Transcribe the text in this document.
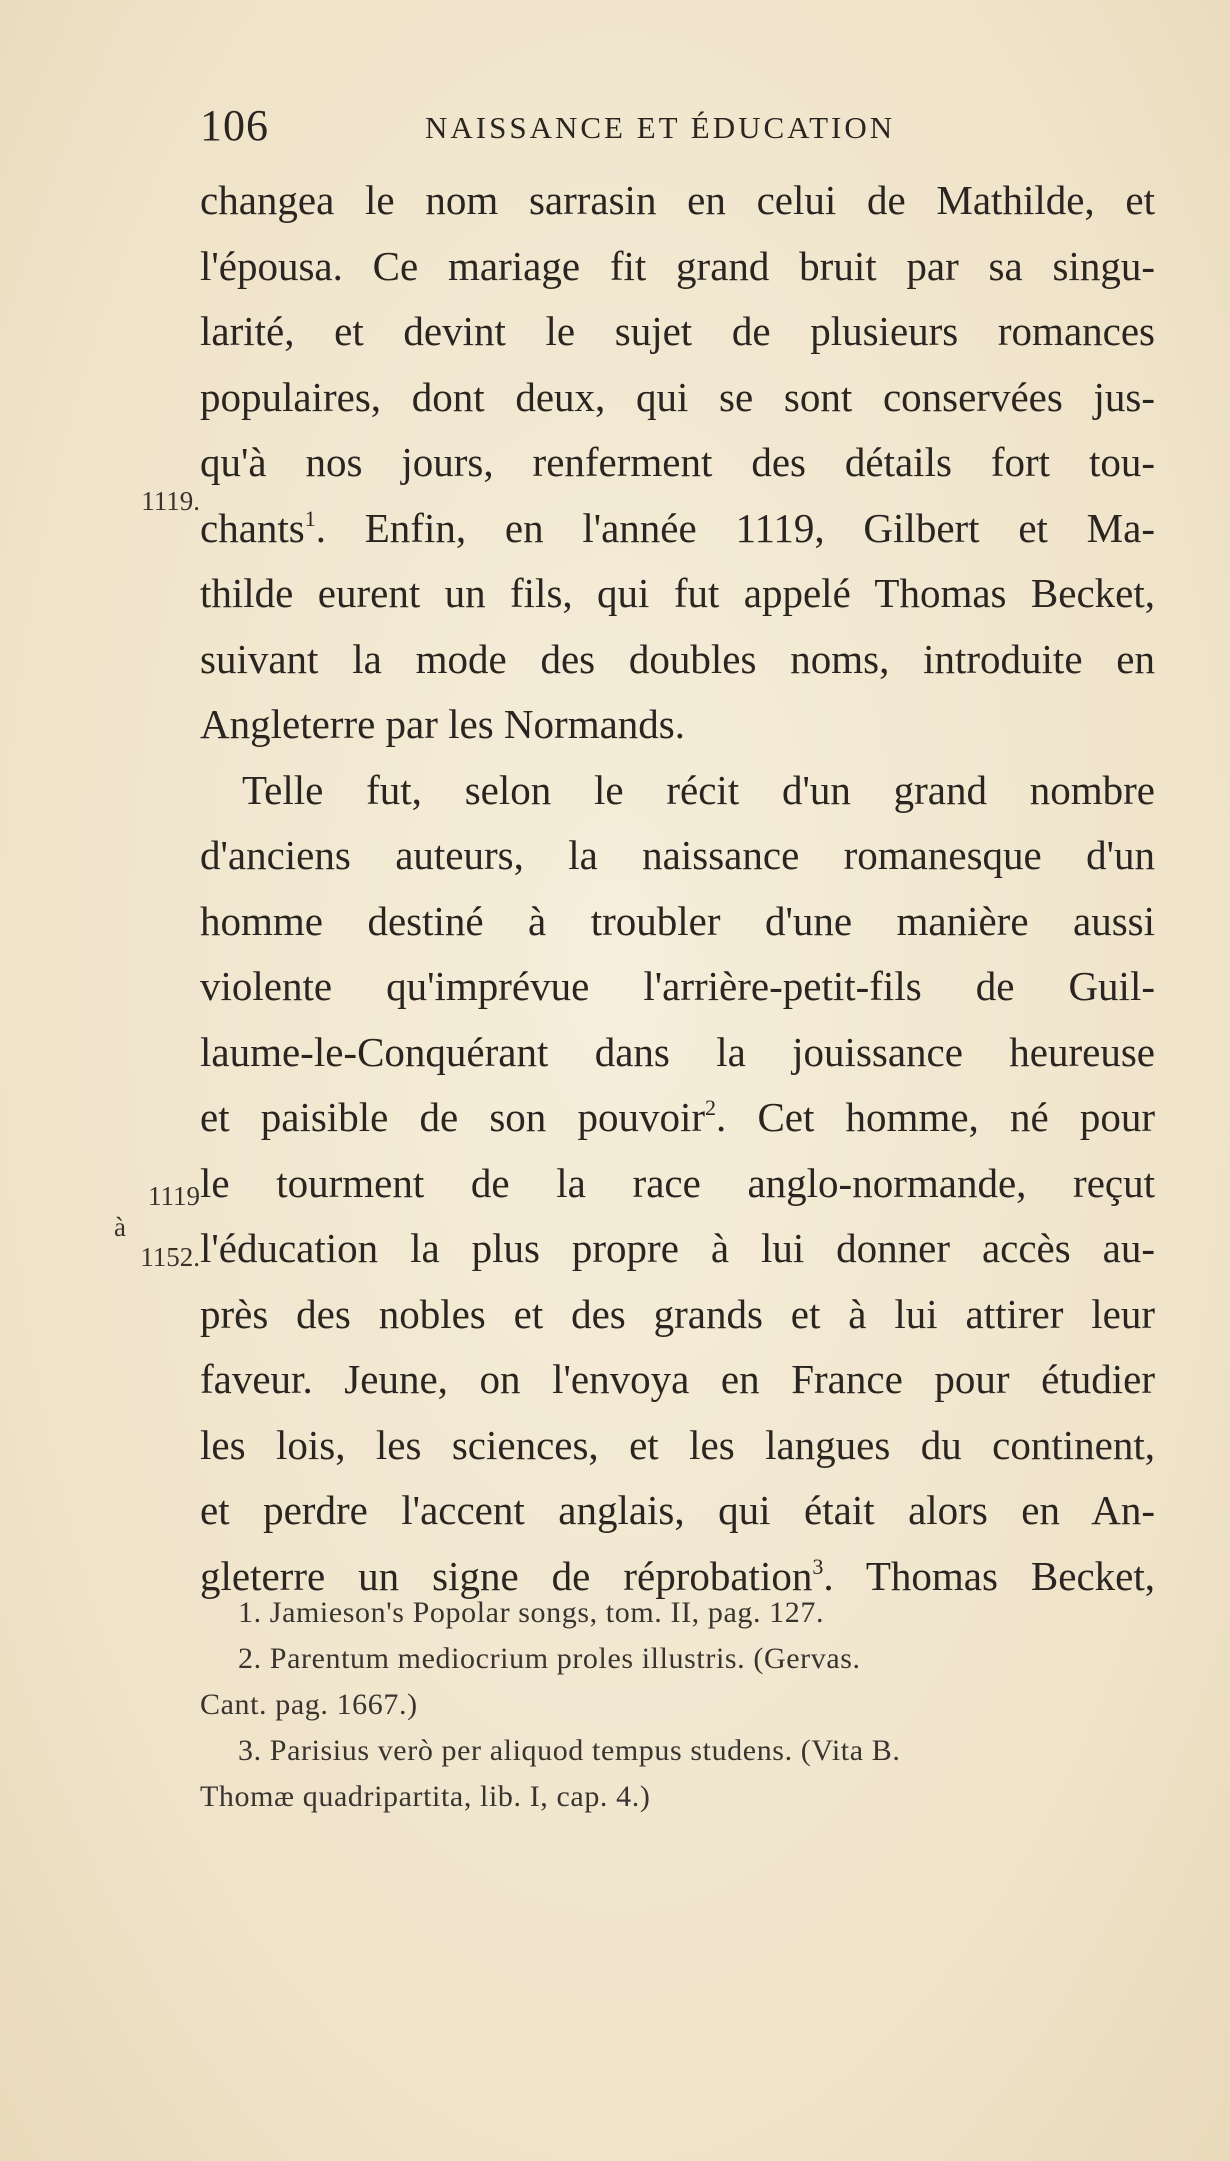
106	NAISSANCE ET ÉDUCATION
1119.
1119
à
1152.
changea le nom sarrasin en celui de Mathilde, et
l'épousa. Ce mariage fit grand bruit par sa singu-
larité, et devint le sujet de plusieurs romances
populaires, dont deux, qui se sont conservées jus-
qu'à nos jours, renferment des détails fort tou-
chants$^1$. Enfin, en l'année 1119, Gilbert et Ma-
thilde eurent un fils, qui fut appelé Thomas Becket,
suivant la mode des doubles noms, introduite en
Angleterre par les Normands.
Telle fut, selon le récit d'un grand nombre
d'anciens auteurs, la naissance romanesque d'un
homme destiné à troubler d'une manière aussi
violente qu'imprévue l'arrière-petit-fils de Guil-
laume-le-Conquérant dans la jouissance heureuse
et paisible de son pouvoir$^2$. Cet homme, né pour
le tourment de la race anglo-normande, reçut
l'éducation la plus propre à lui donner accès au-
près des nobles et des grands et à lui attirer leur
faveur. Jeune, on l'envoya en France pour étudier
les lois, les sciences, et les langues du continent,
et perdre l'accent anglais, qui était alors en An-
gleterre un signe de réprobation$^3$. Thomas Becket,
1. Jamieson's Popolar songs, tom. II, pag. 127.
2. Parentum mediocrium proles illustris. (Gervas.
Cant. pag. 1667.)
3. Parisius verò per aliquod tempus studens. (Vita B.
Thomæ quadripartita, lib. I, cap. 4.)
